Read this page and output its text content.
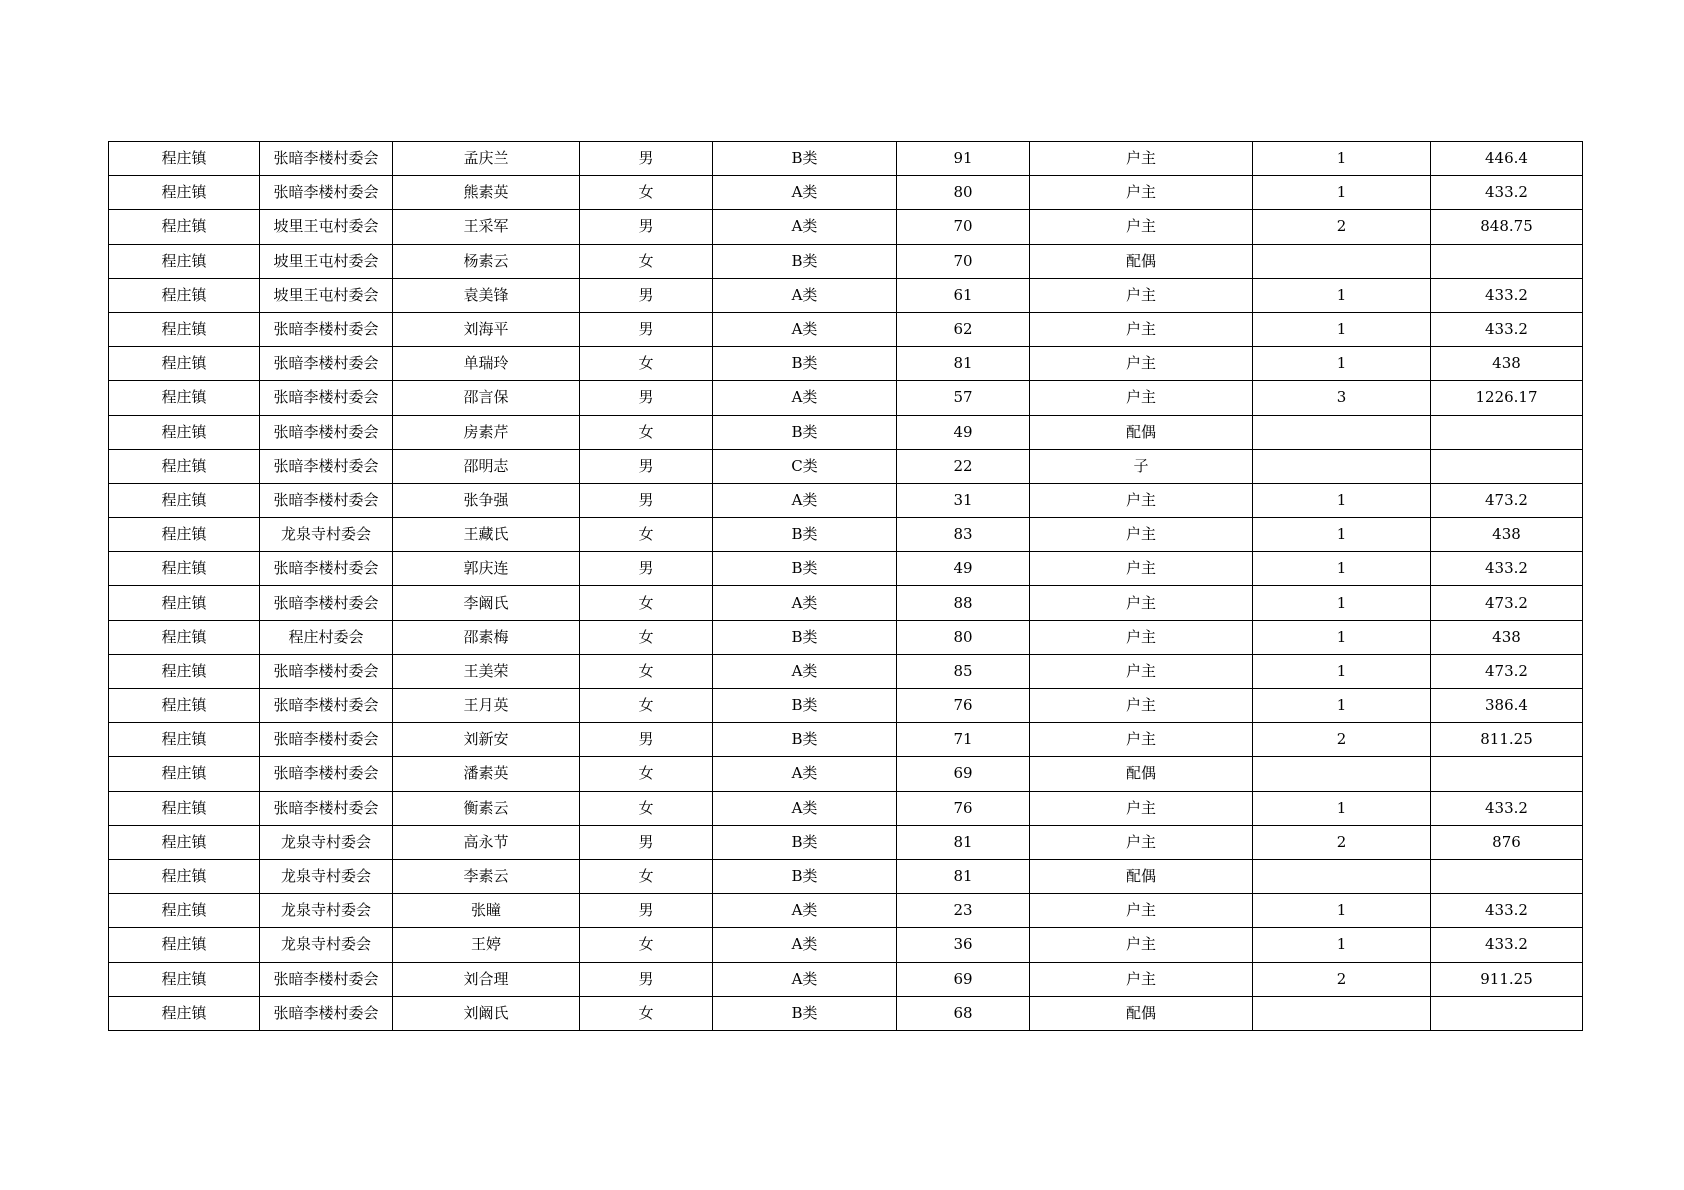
程庄镇	张暗李楼村委会	孟庆兰	男	B类	91	户主	1	446.4
程庄镇	张暗李楼村委会	熊素英	女	A类	80	户主	1	433.2
程庄镇	坡里王屯村委会	王采军	男	A类	70	户主	2	848.75
程庄镇	坡里王屯村委会	杨素云	女	B类	70	配偶		
程庄镇	坡里王屯村委会	袁美锋	男	A类	61	户主	1	433.2
程庄镇	张暗李楼村委会	刘海平	男	A类	62	户主	1	433.2
程庄镇	张暗李楼村委会	单瑞玲	女	B类	81	户主	1	438
程庄镇	张暗李楼村委会	邵言保	男	A类	57	户主	3	1226.17
程庄镇	张暗李楼村委会	房素芹	女	B类	49	配偶		
程庄镇	张暗李楼村委会	邵明志	男	C类	22	子		
程庄镇	张暗李楼村委会	张争强	男	A类	31	户主	1	473.2
程庄镇	龙泉寺村委会	王藏氏	女	B类	83	户主	1	438
程庄镇	张暗李楼村委会	郭庆连	男	B类	49	户主	1	433.2
程庄镇	张暗李楼村委会	李阚氏	女	A类	88	户主	1	473.2
程庄镇	程庄村委会	邵素梅	女	B类	80	户主	1	438
程庄镇	张暗李楼村委会	王美荣	女	A类	85	户主	1	473.2
程庄镇	张暗李楼村委会	王月英	女	B类	76	户主	1	386.4
程庄镇	张暗李楼村委会	刘新安	男	B类	71	户主	2	811.25
程庄镇	张暗李楼村委会	潘素英	女	A类	69	配偶		
程庄镇	张暗李楼村委会	衡素云	女	A类	76	户主	1	433.2
程庄镇	龙泉寺村委会	高永节	男	B类	81	户主	2	876
程庄镇	龙泉寺村委会	李素云	女	B类	81	配偶		
程庄镇	龙泉寺村委会	张瞳	男	A类	23	户主	1	433.2
程庄镇	龙泉寺村委会	王婷	女	A类	36	户主	1	433.2
程庄镇	张暗李楼村委会	刘合理	男	A类	69	户主	2	911.25
程庄镇	张暗李楼村委会	刘阚氏	女	B类	68	配偶		
